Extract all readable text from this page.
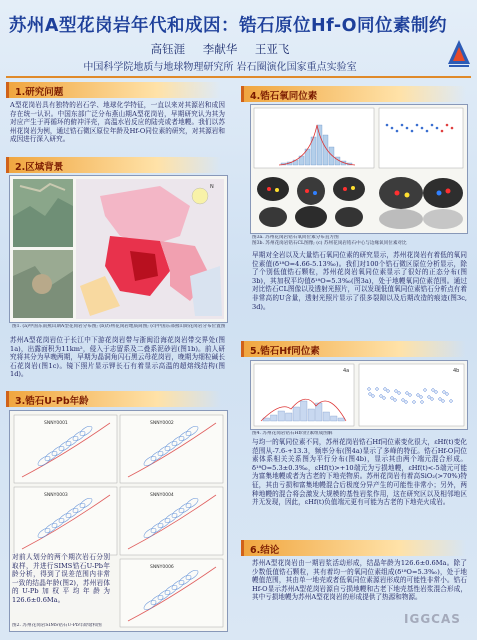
苏州A型花岗岩年代和成因：锆石原位Hf-O同位素制约
高钰涯 李献华 王亚飞
中国科学院地质与地球物理研究所 岩石圈演化国家重点实验室
1.研究问题
A型花岗岩具有独特的岩石学、地球化学特征，一直以来对其源岩和成因存在统一认识。中国东部广泛分布燕山期A型花岗岩，早期研究认为其为对应产生于再循环的俯冲洋壳，高温水岩反应的陆壳或者地幔。我们以苏州花岗岩为例，通过锆石微区原位年龄及Hf-O同位素的研究，对其源岩和成因进行深入研究。
2.区域背景
N
图1. (a)中国东南燕山期A型花岗岩分布图; (b)苏州花岗岩地质简图; (c)中国东部燕山期花岗岩分布位置图
苏州A型花岗岩位于长江中下游花岗岩带与浙闽沿海花岗岩带交界处(图1a)，出露面积为11km²，侵入于志留系及二叠系泥砂岩(图1b)。前人研究将其分为早晚两期，早期为晶洞角闪石黑云母花岗岩，晚期为细粒碱长石花岗岩(图1c)。镜下照片显示钾长石有着显示高温的超熔线结构(图1d)。
3.锆石U-Pb年龄
SNNY0001	SNNY0002
SNNY0003	SNNY0004
SNNY0006
对前人划分的两个期次岩石分别取样，并进行SIMS锆石U-Pb年龄分析，得到了误差范围内非常一致的结晶年龄(图2)，苏州岩体的U-Pb加权平均年龄为126.6±0.6Ma。
图2. 苏州花岗岩SIMS锆石U-Pb年龄谐和图
4.锆石氧同位素
图3a. 苏州花岗岩锆石氧同位素分布直方图
图3b. 苏州花岗岩锆石CL图像; (c) 苏州花岗岩锆石中心与边缘氧同位素对比
早期对全岩以及大量锆石氧同位素的研究显示，苏州花岗岩有着低的氧同位素值(δ¹⁸O=4.66-5.13‰)。我们对100个锆石微区原位分析显示，除了个别低值锆石颗粒，苏州花岗岩氧同位素显示了很好的正态分布(图3b)，其加权平均值δ¹⁸O=5.3‰(图3a)，处于地幔氧同位素范围。通过对比锆石CL图像以及透射光照片，可以发现低值氧同位素锆石分析点有着非常高的U含量，透射光照片显示了很多裂隙以及后期改造的痕迹(图3c, 3d)。
5.锆石Hf同位素
4a	4b
图4. 苏州花岗岩锆石Hf同位素组成图解
与均一的氧同位素不同，苏州花岗岩锆石Hf同位素变化很大，εHf(t)变化范围从-7.6-+13.3，频率分布(图4a)显示了多峰的特征。锆石Hf-O同位素体系相关关系图为平行分布(图4b)，显示其由两个端元混合形成。δ¹⁸O=5.3±0.3‰，εHf(t)>+10端元为亏损地幔，εHf(t)<-5端元可能为富集地幔或者为古老的下地壳物质。苏州花岗岩有着高SiO₂(>70%)特征，其由亏损和富集地幔混合后极度分异产生的可能性非常小；另外，两种地幔的混合将会激发大规模的基性岩浆作用，这在研究区以及相邻地区并无发现，因此，εHf(t)负值端元更有可能为古老的下地壳火成岩。
6.结论
苏州A型花岗岩由一期岩浆活动形成，结晶年龄为126.6±0.6Ma。除了少数低值锆石颗粒，其有着均一的氧同位素组成(δ¹⁸O=5.3‰)，处于地幔值范围，其由单一地壳或者低氧同位素源岩形成的可能性非常小。锆石Hf-O显示苏州A型花岗岩源自亏损地幔和古老下地壳基性岩浆混合形成，其中亏损地幔为苏州A型花岗岩的形成提供了热源和物源。
IGGCAS
